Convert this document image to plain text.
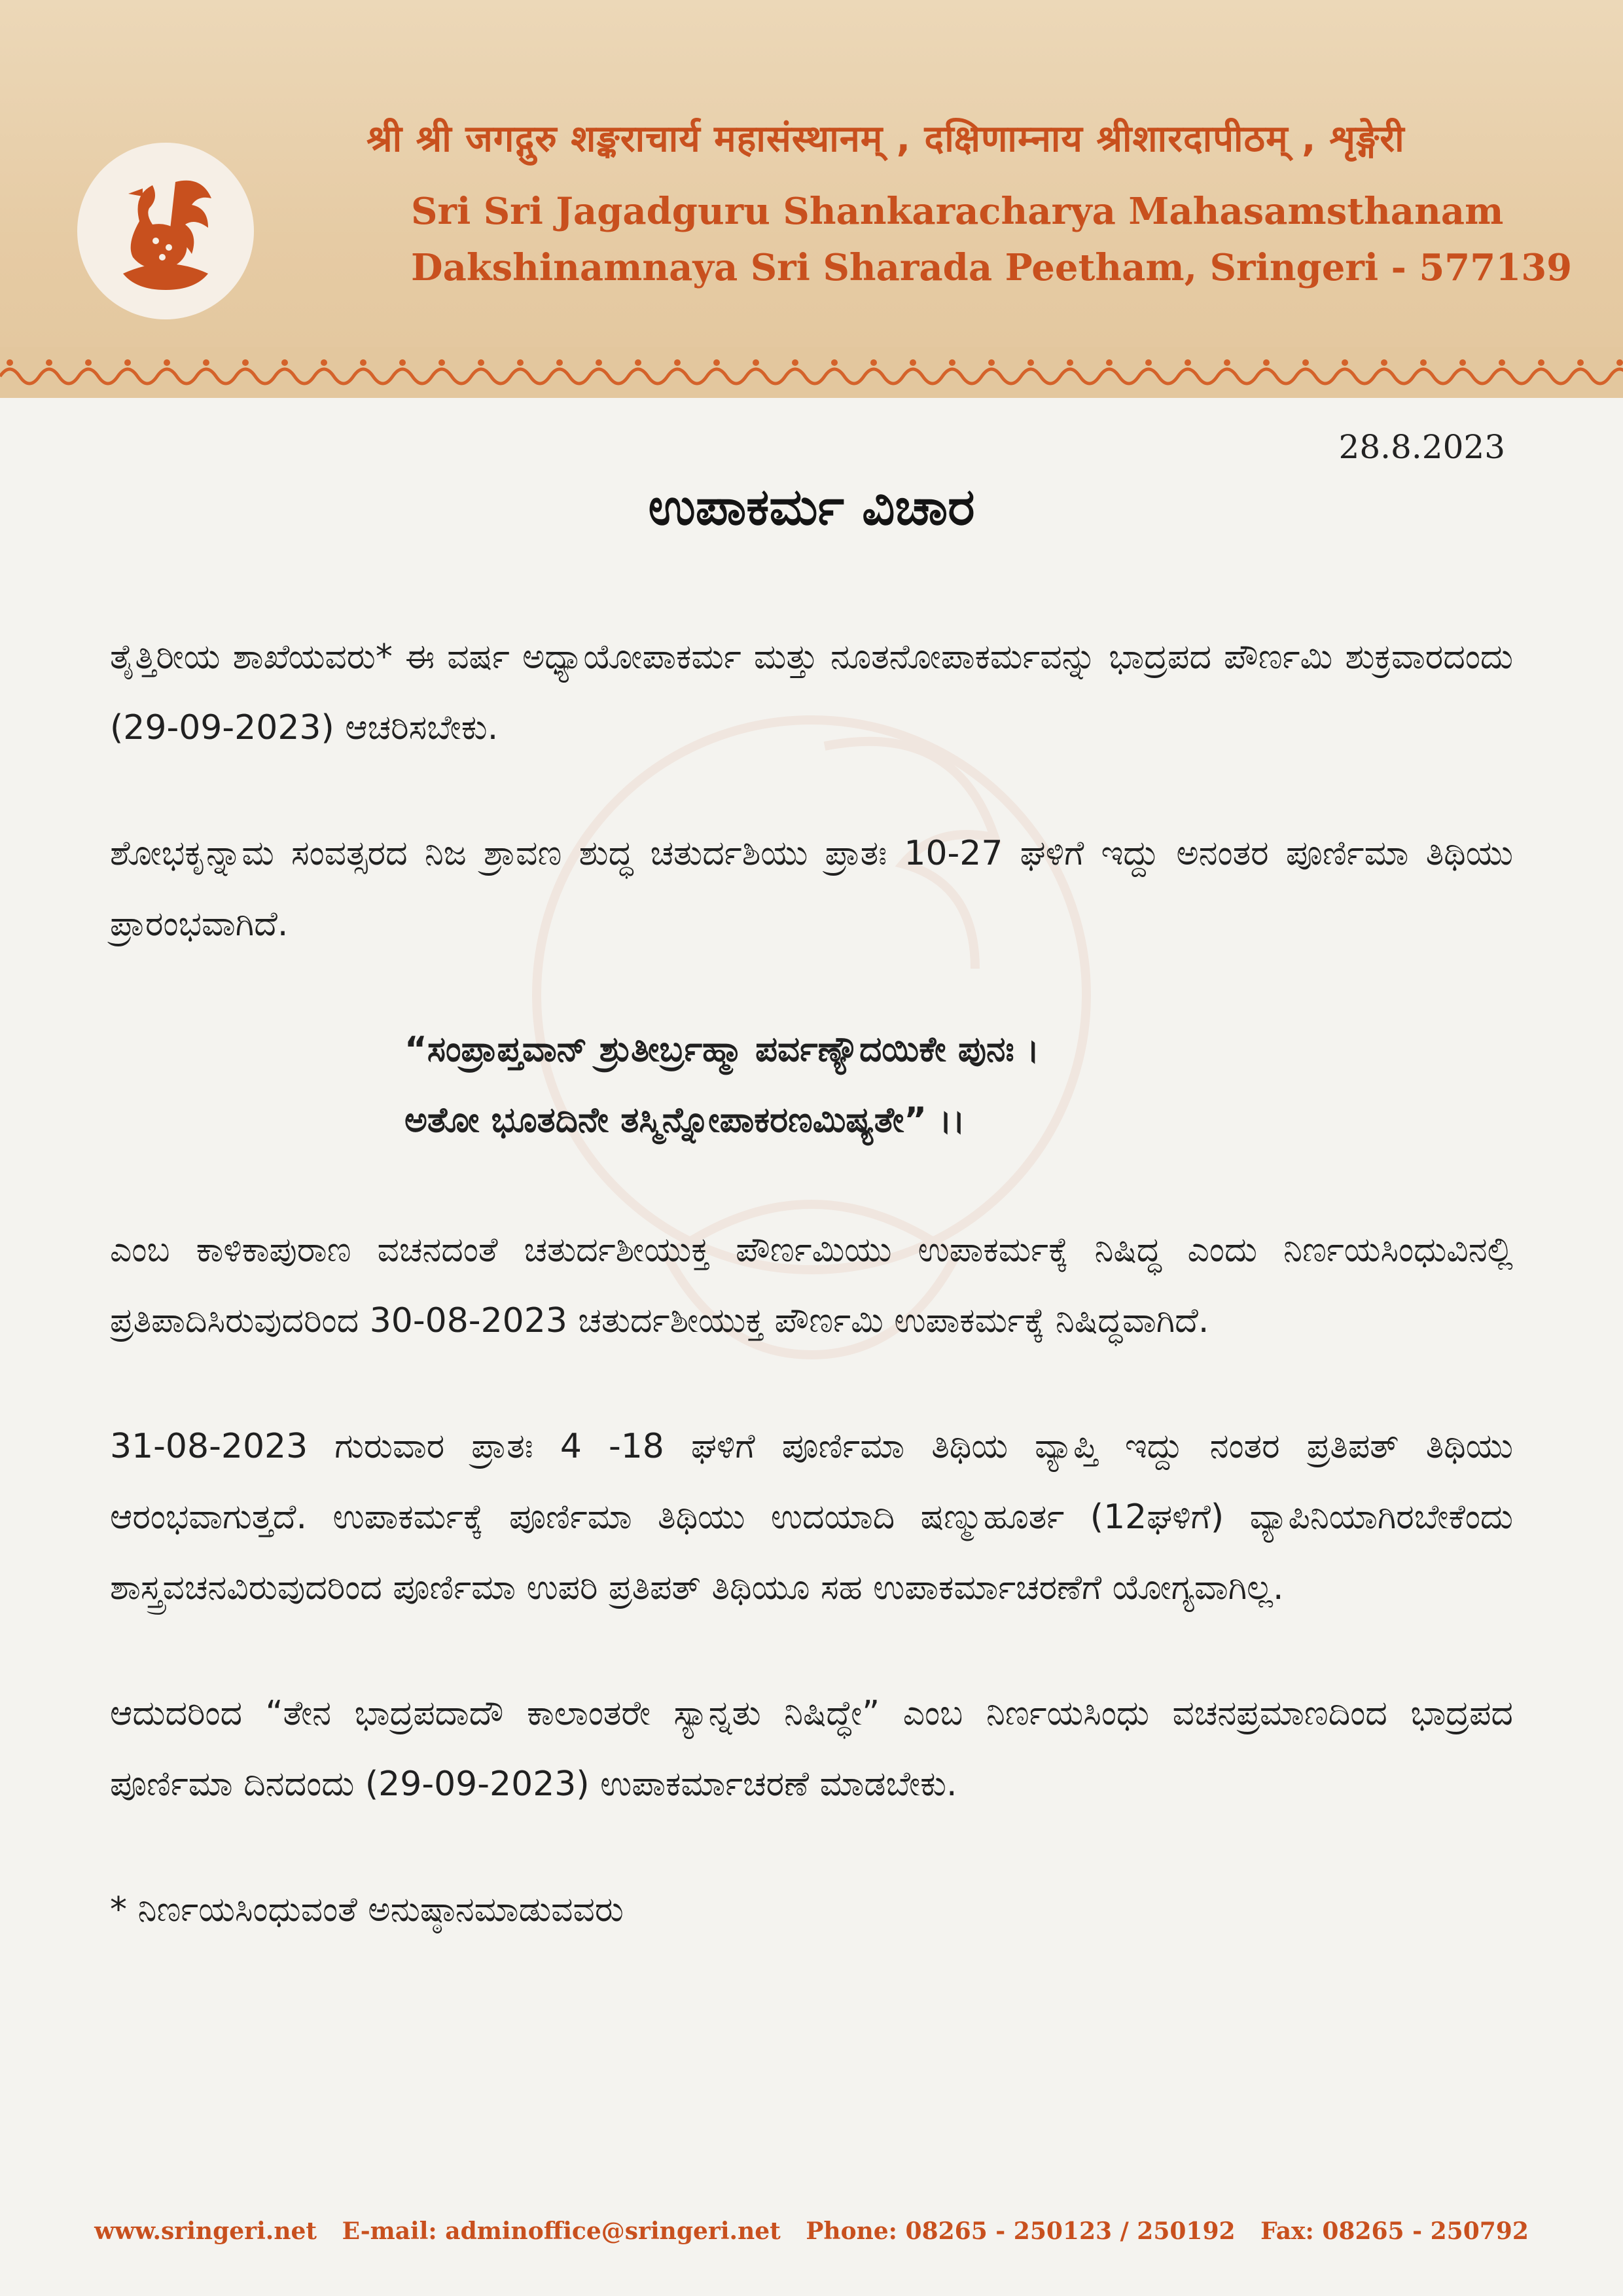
श्री श्री जगद्गुरु शङ्कराचार्य महासंस्थानम् , दक्षिणाम्नाय श्रीशारदापीठम् , शृङ्गेरी
Sri Sri Jagadguru Shankaracharya Mahasamsthanam
Dakshinamnaya Sri Sharada Peetham, Sringeri - 577139
28.8.2023
ಉಪಾಕರ್ಮ ವಿಚಾರ

ತೈತ್ತಿರೀಯ ಶಾಖೆಯವರು* ಈ ವರ್ಷ ಅಧ್ಯಾಯೋಪಾಕರ್ಮ ಮತ್ತು ನೂತನೋಪಾಕರ್ಮವನ್ನು ಭಾದ್ರಪದ ಪೌರ್ಣಮಿ ಶುಕ್ರವಾರದಂದು (29-09-2023) ಆಚರಿಸಬೇಕು.

ಶೋಭಕೃನ್ನಾಮ ಸಂವತ್ಸರದ ನಿಜ ಶ್ರಾವಣ ಶುದ್ಧ ಚತುರ್ದಶಿಯು ಪ್ರಾತಃ 10-27 ಘಳಿಗೆ ಇದ್ದು ಅನಂತರ ಪೂರ್ಣಿಮಾ ತಿಥಿಯು ಪ್ರಾರಂಭವಾಗಿದೆ.

“ಸಂಪ್ರಾಪ್ತವಾನ್ ಶ್ರುತೀರ್ಬ್ರಹ್ಮಾ ಪರ್ವಣ್ಯೌದಯಿಕೇ ಪುನಃ ।
ಅತೋ ಭೂತದಿನೇ ತಸ್ಮಿನ್ನೋಪಾಕರಣಮಿಷ್ಯತೇ” ।।

ಎಂಬ ಕಾಳಿಕಾಪುರಾಣ ವಚನದಂತೆ ಚತುರ್ದಶೀಯುಕ್ತ ಪೌರ್ಣಮಿಯು ಉಪಾಕರ್ಮಕ್ಕೆ ನಿಷಿದ್ಧ ಎಂದು ನಿರ್ಣಯಸಿಂಧುವಿನಲ್ಲಿ ಪ್ರತಿಪಾದಿಸಿರುವುದರಿಂದ 30-08-2023 ಚತುರ್ದಶೀಯುಕ್ತ ಪೌರ್ಣಮಿ ಉಪಾಕರ್ಮಕ್ಕೆ ನಿಷಿದ್ಧವಾಗಿದೆ.

31-08-2023 ಗುರುವಾರ ಪ್ರಾತಃ 4 -18 ಘಳಿಗೆ ಪೂರ್ಣಿಮಾ ತಿಥಿಯ ವ್ಯಾಪ್ತಿ ಇದ್ದು ನಂತರ ಪ್ರತಿಪತ್ ತಿಥಿಯು ಆರಂಭವಾಗುತ್ತದೆ. ಉಪಾಕರ್ಮಕ್ಕೆ ಪೂರ್ಣಿಮಾ ತಿಥಿಯು ಉದಯಾದಿ ಷಣ್ಮುಹೂರ್ತ (12ಘಳಿಗೆ) ವ್ಯಾಪಿನಿಯಾಗಿರಬೇಕೆಂದು ಶಾಸ್ತ್ರವಚನವಿರುವುದರಿಂದ ಪೂರ್ಣಿಮಾ ಉಪರಿ ಪ್ರತಿಪತ್ ತಿಥಿಯೂ ಸಹ ಉಪಾಕರ್ಮಾಚರಣೆಗೆ ಯೋಗ್ಯವಾಗಿಲ್ಲ.

ಆದುದರಿಂದ “ತೇನ ಭಾದ್ರಪದಾದೌ ಕಾಲಾಂತರೇ ಸ್ಯಾನ್ನತು ನಿಷಿದ್ಧೇ” ಎಂಬ ನಿರ್ಣಯಸಿಂಧು ವಚನಪ್ರಮಾಣದಿಂದ ಭಾದ್ರಪದ ಪೂರ್ಣಿಮಾ ದಿನದಂದು (29-09-2023) ಉಪಾಕರ್ಮಾಚರಣೆ ಮಾಡಬೇಕು.

* ನಿರ್ಣಯಸಿಂಧುವಂತೆ ಅನುಷ್ಠಾನಮಾಡುವವರು

www.sringeri.net E-mail: adminoffice@sringeri.net Phone: 08265 - 250123 / 250192 Fax: 08265 - 250792
